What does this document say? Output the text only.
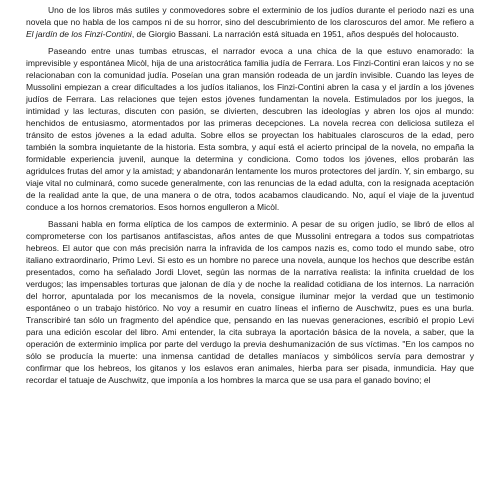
Uno de los libros más sutiles y conmovedores sobre el exterminio de los judíos durante el periodo nazi es una novela que no habla de los campos ni de su horror, sino del descubrimiento de los claroscuros del amor. Me refiero a El jardín de los Finzi-Contini, de Giorgio Bassani. La narración está situada en 1951, años después del holocausto.

Paseando entre unas tumbas etruscas, el narrador evoca a una chica de la que estuvo enamorado: la imprevisible y espontánea Micòl, hija de una aristocrática familia judía de Ferrara. Los Finzi-Contini eran laicos y no se relacionaban con la comunidad judía. Poseían una gran mansión rodeada de un jardín invisible. Cuando las leyes de Mussolini empiezan a crear dificultades a los judíos italianos, los Finzi-Contini abren la casa y el jardín a los jóvenes judíos de Ferrara. Las relaciones que tejen estos jóvenes fundamentan la novela. Estimulados por los juegos, la intimidad y las lecturas, discuten con pasión, se divierten, descubren las ideologías y abren los ojos al mundo: henchidos de entusiasmo, atormentados por las primeras decepciones. La novela recrea con deliciosa sutileza el tránsito de estos jóvenes a la edad adulta. Sobre ellos se proyectan los habituales claroscuros de la edad, pero también la sombra inquietante de la historia. Esta sombra, y aquí está el acierto principal de la novela, no empaña la formidable experiencia juvenil, aunque la determina y condiciona. Como todos los jóvenes, ellos probarán las agridulces frutas del amor y la amistad; y abandonarán lentamente los muros protectores del jardín. Y, sin embargo, su viaje vital no culminará, como sucede generalmente, con las renuncias de la edad adulta, con la resignada aceptación de la realidad ante la que, de una manera o de otra, todos acabamos claudicando. No, aquí el viaje de la juventud conduce a los hornos crematorios. Esos hornos engulleron a Micòl.

Bassani habla en forma elíptica de los campos de exterminio. A pesar de su origen judío, se libró de ellos al comprometerse con los partisanos antifascistas, años antes de que Mussolini entregara a todos sus compatriotas hebreos. El autor que con más precisión narra la infravida de los campos nazis es, como todo el mundo sabe, otro italiano extraordinario, Primo Levi. Si esto es un hombre no parece una novela, aunque los hechos que describe están presentados, como ha señalado Jordi Llovet, según las normas de la narrativa realista: la infinita crueldad de los verdugos; las impensables torturas que jalonan de día y de noche la realidad cotidiana de los internos. La narración del horror, apuntalada por los mecanismos de la novela, consigue iluminar mejor la verdad que un testimonio espontáneo o un trabajo histórico. No voy a resumir en cuatro líneas el infierno de Auschwitz, pues es una burla. Transcribiré tan sólo un fragmento del apéndice que, pensando en las nuevas generaciones, escribió el propio Levi para una edición escolar del libro. Ami entender, la cita subraya la aportación básica de la novela, a saber, que la operación de exterminio implica por parte del verdugo la previa deshumanización de sus víctimas. "En los campos no sólo se producía la muerte: una inmensa cantidad de detalles maníacos y simbólicos servía para demostrar y confirmar que los hebreos, los gitanos y los eslavos eran animales, hierba para ser pisada, inmundicia. Hay que recordar el tatuaje de Auschwitz, que imponía a los hombres la marca que se usa para el ganado bovino; el
